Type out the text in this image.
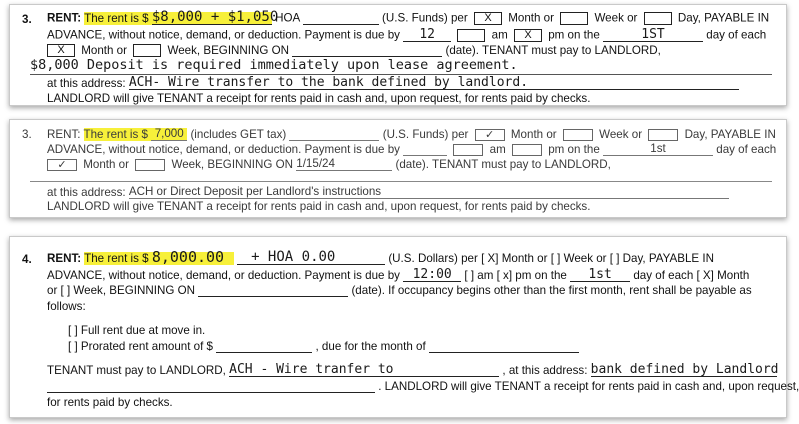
3. RENT: The rent is $ $8,000 + $1,050 HOA	(U.S. Funds) per X Month or	Week or	Day, PAYABLE IN
ADVANCE, without notice, demand, or deduction. Payment is due by 12	am X pm on the	1ST	day of each
X Month or	Week, BEGINNING ON	(date). TENANT must pay to LANDLORD,
$8,000 Deposit is required immediately upon lease agreement.
at this address: ACH- Wire transfer to the bank defined by landlord.
LANDLORD will give TENANT a receipt for rents paid in cash and, upon request, for rents paid by checks.
3. RENT: The rent is $ 7,000 (includes GET tax)	(U.S. Funds) per ✓ Month or	Week or	Day, PAYABLE IN
ADVANCE, without notice, demand, or deduction. Payment is due by	am	pm on the	1st	day of each
✓ Month or	Week, BEGINNING ON 1/15/24	(date). TENANT must pay to LANDLORD,
at this address: ACH or Direct Deposit per Landlord's instructions
LANDLORD will give TENANT a receipt for rents paid in cash and, upon request, for rents paid by checks.
4. RENT: The rent is $ 8,000.00 + HOA 0.00	(U.S. Dollars) per [ X] Month or [ ] Week or [ ] Day, PAYABLE IN
ADVANCE, without notice, demand, or deduction. Payment is due by 12:00 [ ] am [ x] pm on the 1st day of each [ X] Month
or [ ] Week, BEGINNING ON	(date). If occupancy begins other than the first month, rent shall be payable as
follows:
[ ] Full rent due at move in.
[ ] Prorated rent amount of $	, due for the month of
TENANT must pay to LANDLORD, ACH - Wire tranfer to	, at this address: bank defined by Landlord
. LANDLORD will give TENANT a receipt for rents paid in cash and, upon request,
for rents paid by checks.
